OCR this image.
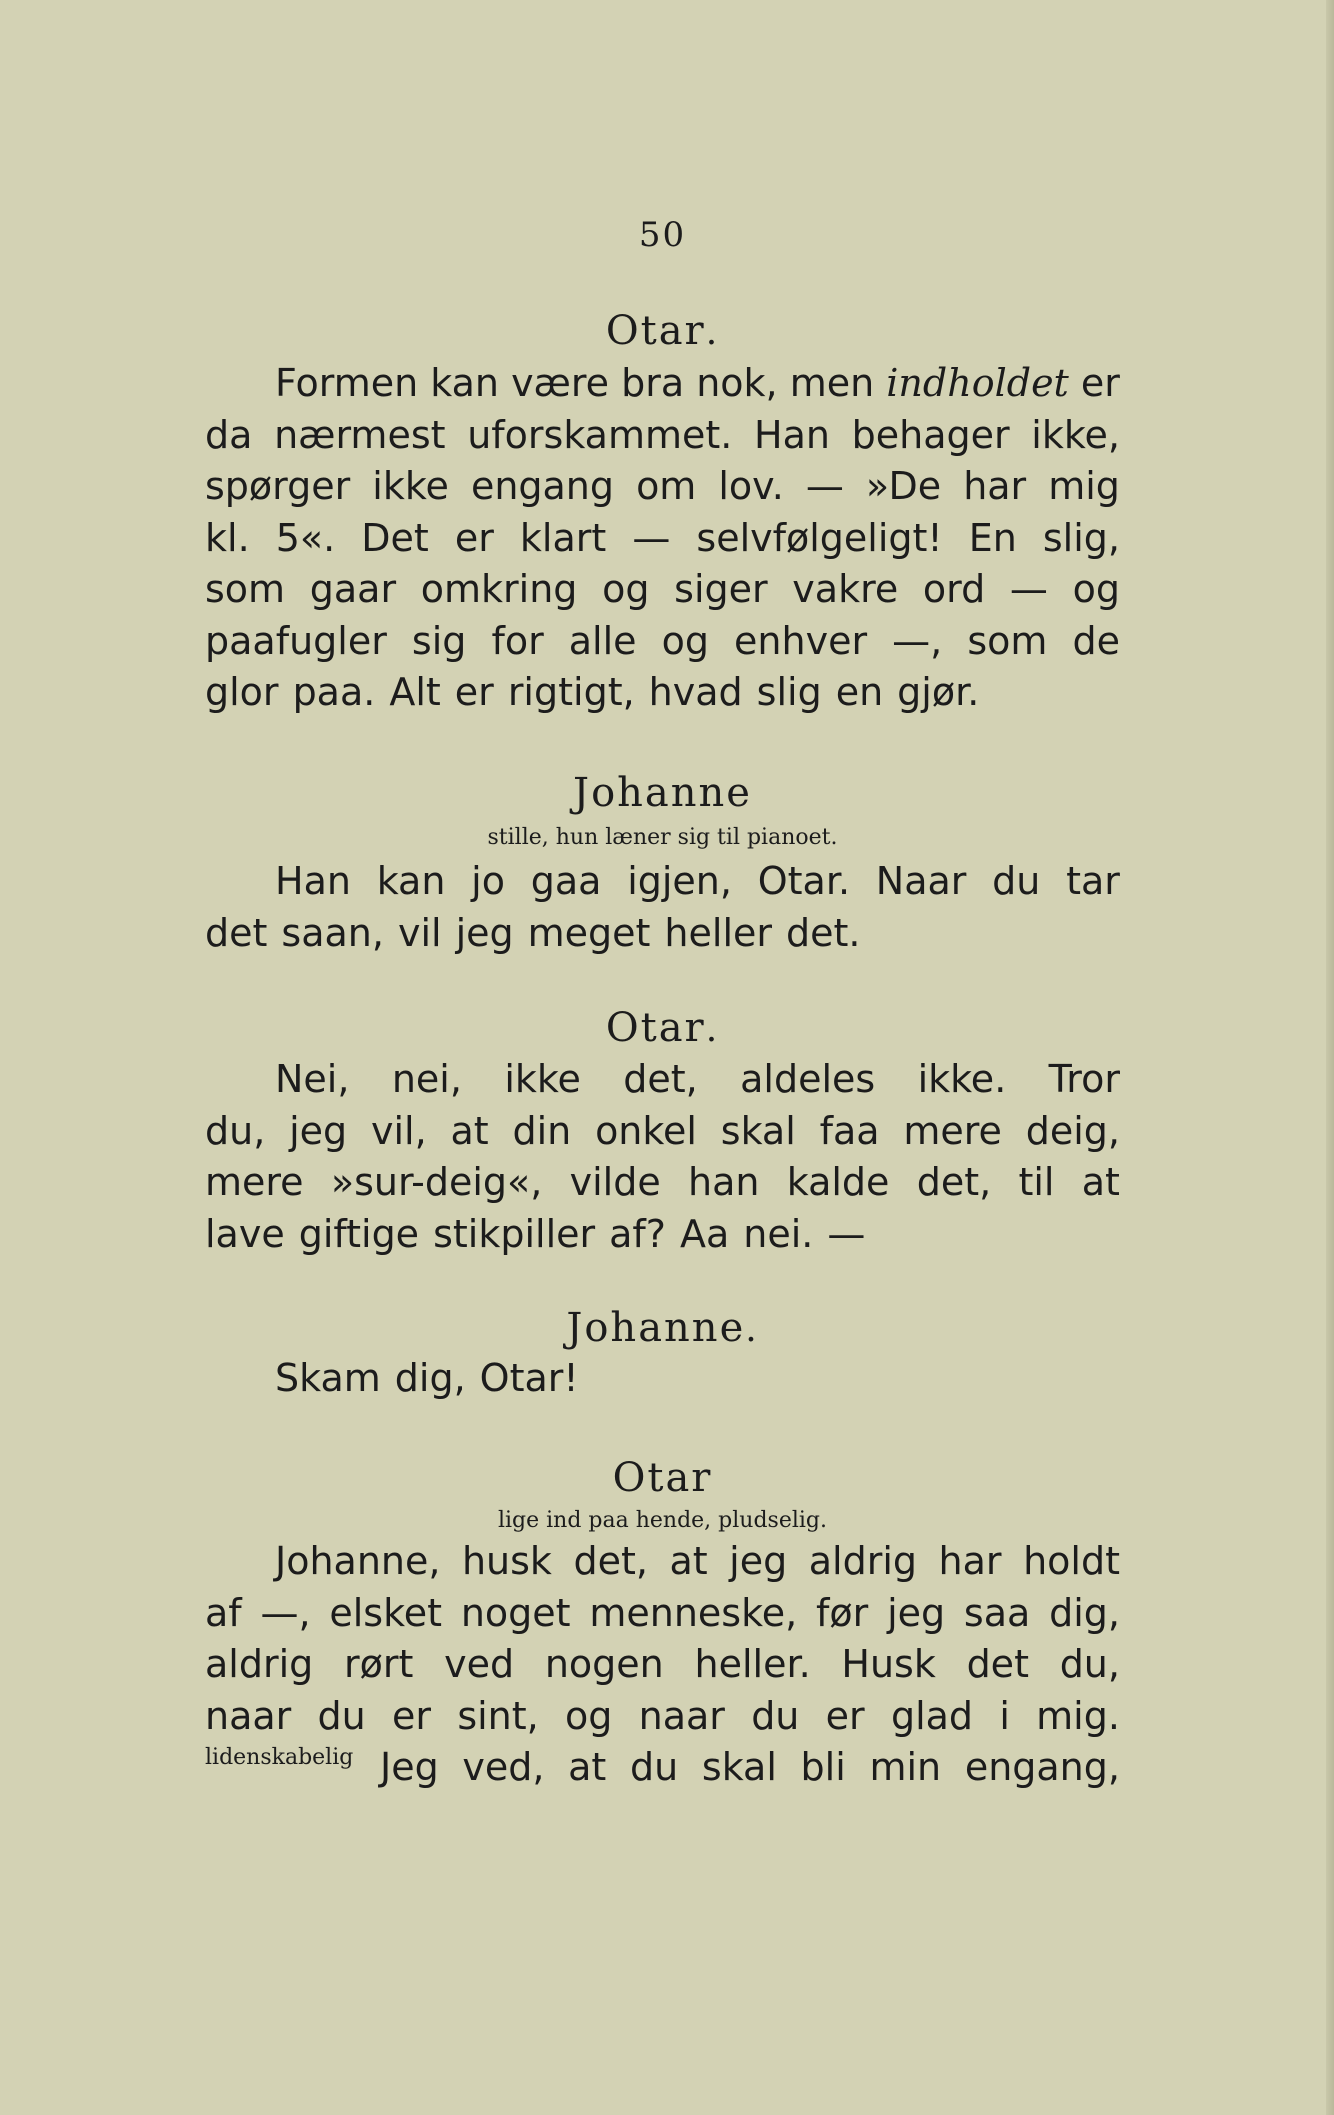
50
Otar.
Formen kan være bra nok, men indholdet er
da nærmest uforskammet. Han behager ikke,
spørger ikke engang om lov. — »De har mig
kl. 5«. Det er klart — selvfølgeligt! En slig,
som gaar omkring og siger vakre ord — og
paafugler sig for alle og enhver —, som de
glor paa. Alt er rigtigt, hvad slig en gjør.
Johanne
stille, hun læner sig til pianoet.
Han kan jo gaa igjen, Otar. Naar du tar
det saan, vil jeg meget heller det.
Otar.
Nei, nei, ikke det, aldeles ikke. Tror
du, jeg vil, at din onkel skal faa mere deig,
mere »sur-deig«, vilde han kalde det, til at
lave giftige stikpiller af? Aa nei. —
Johanne.
Skam dig, Otar!
Otar
lige ind paa hende, pludselig.
Johanne, husk det, at jeg aldrig har holdt
af —, elsket noget menneske, før jeg saa dig,
aldrig rørt ved nogen heller. Husk det du,
naar du er sint, og naar du er glad i mig.
Jeg ved, at du skal bli min engang,
lidenskabelig
